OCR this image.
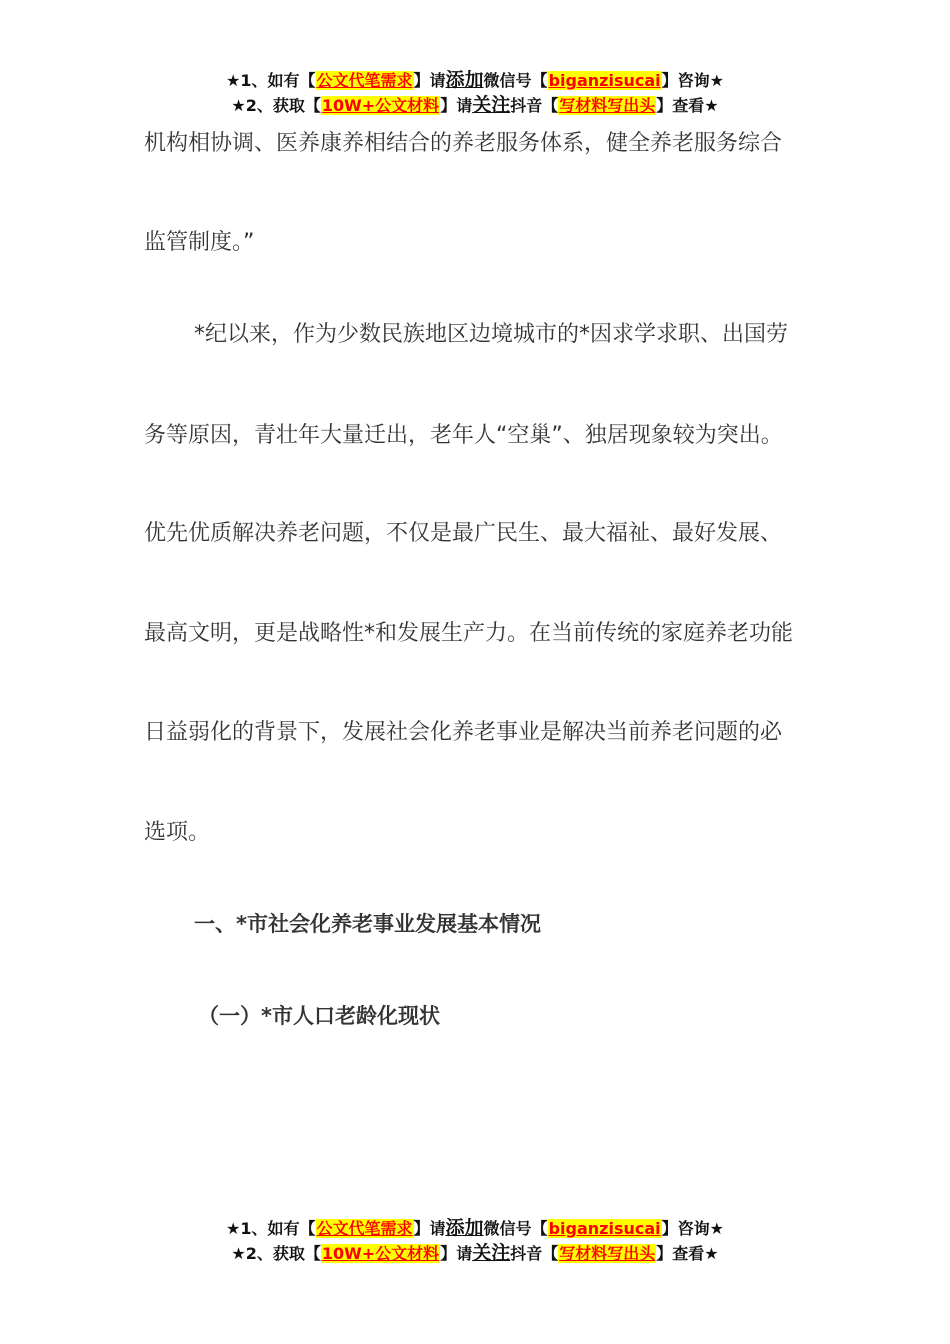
★1、如有【公文代笔需求】请添加微信号【biganzisucai】咨询★
★2、获取【10W+公文材料】请关注抖音【写材料写出头】查看★
机构相协调、医养康养相结合的养老服务体系，健全养老服务综合
监管制度。”
*纪以来，作为少数民族地区边境城市的*因求学求职、出国劳
务等原因，青壮年大量迁出，老年人“空巢”、独居现象较为突出。
优先优质解决养老问题，不仅是最广民生、最大福祉、最好发展、
最高文明，更是战略性*和发展生产力。在当前传统的家庭养老功能
日益弱化的背景下，发展社会化养老事业是解决当前养老问题的必
选项。
一、*市社会化养老事业发展基本情况
（一）*市人口老龄化现状
★1、如有【公文代笔需求】请添加微信号【biganzisucai】咨询★
★2、获取【10W+公文材料】请关注抖音【写材料写出头】查看★
